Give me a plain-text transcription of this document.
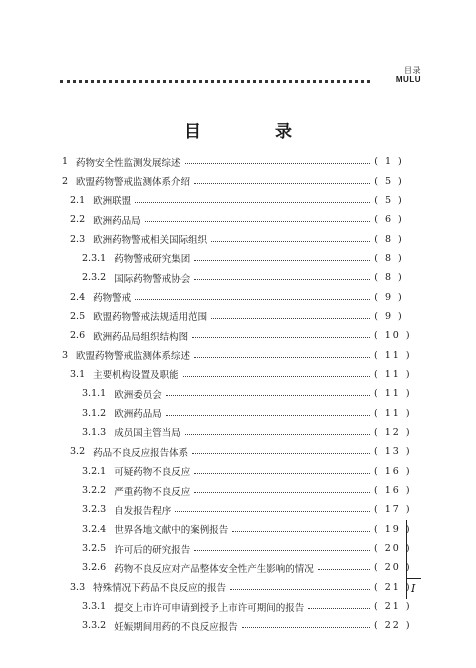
目录
MULU
目 录
1 药物安全性监测发展综述	( 1 )
2 欧盟药物警戒监测体系介绍	( 5 )
2.1 欧洲联盟	( 5 )
2.2 欧洲药品局	( 6 )
2.3 欧洲药物警戒相关国际组织	( 8 )
2.3.1 药物警戒研究集团	( 8 )
2.3.2 国际药物警戒协会	( 8 )
2.4 药物警戒	( 9 )
2.5 欧盟药物警戒法规适用范围	( 9 )
2.6 欧洲药品局组织结构图	( 10 )
3 欧盟药物警戒监测体系综述	( 11 )
3.1 主要机构设置及职能	( 11 )
3.1.1 欧洲委员会	( 11 )
3.1.2 欧洲药品局	( 11 )
3.1.3 成员国主管当局	( 12 )
3.2 药品不良反应报告体系	( 13 )
3.2.1 可疑药物不良反应	( 16 )
3.2.2 严重药物不良反应	( 16 )
3.2.3 自发报告程序	( 17 )
3.2.4 世界各地文献中的案例报告	( 19 )
3.2.5 许可后的研究报告	( 20 )
3.2.6 药物不良反应对产品整体安全性产生影响的情况	( 20 )
3.3 特殊情况下药品不良反应的报告	( 21 )
3.3.1 提交上市许可申请到授予上市许可期间的报告	( 21 )
3.3.2 妊娠期间用药的不良反应报告	( 22 )
I
